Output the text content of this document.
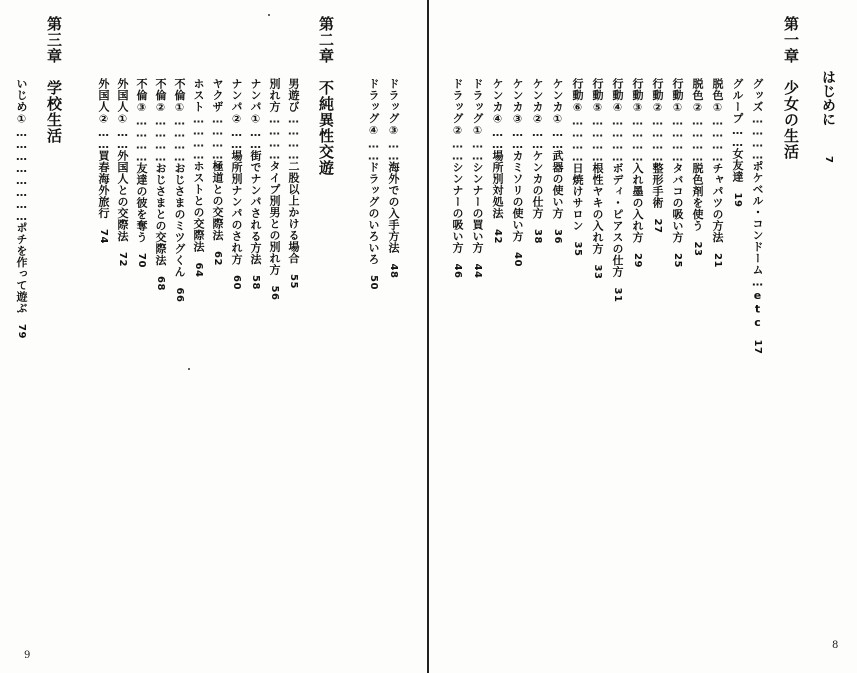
はじめに7
第一章
少女の生活
グッズ…………ポケベル・コンドーム…etc17
グループ……女友達19
脱色①…………チャパツの方法21
脱色②…………脱色剤を使う23
行動①…………タバコの吸い方25
行動②…………整形手術27
行動③…………入れ墨の入れ方29
行動④…………ボディ・ピアスの仕方31
行動⑤…………根性ヤキの入れ方33
行動⑥…………日焼けサロン35
ケンカ①……武器の使い方36
ケンカ②……ケンカの仕方38
ケンカ③……カミソリの使い方40
ケンカ④……場所別対処法42
ドラッグ①……シンナーの買い方44
ドラッグ②……シンナーの吸い方46
8
ドラッグ③……海外での入手方法48
ドラッグ④……ドラッグのいろいろ50
第二章
不純異性交遊
男遊び…………二股以上かける場合55
別れ方…………タイプ別男との別れ方56
ナンパ①……街でナンパされる方法58
ナンパ②……場所別ナンパのされ方60
ヤクザ…………極道との交際法62
ホスト…………ホストとの交際法64
不倫①…………おじさまのミツグくん66
不倫②…………おじさまとの交際法68
不倫③…………友達の彼を奪う70
外国人①……外国人との交際法72
外国人②……買春海外旅行74
第三章
学校生活
いじめ①……………………ポチを作って遊ぶ79
9
